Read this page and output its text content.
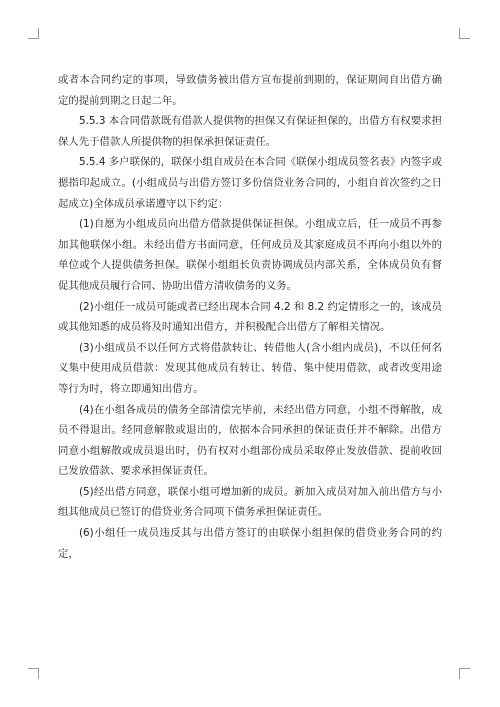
或者本合同约定的事项，导致债务被出借方宣布提前到期的，保证期间自出借方确定的提前到期之日起二年。

5.5.3 本合同借款既有借款人提供物的担保又有保证担保的，出借方有权要求担保人先于借款人所提供物的担保承担保证责任。

5.5.4 多户联保的，联保小组自成员在本合同《联保小组成员签名表》内签字或摁指印起成立。(小组成员与出借方签订多份信贷业务合同的，小组自首次签约之日起成立)全体成员承诺遵守以下约定：

(1)自愿为小组成员向出借方借款提供保证担保。小组成立后，任一成员不再参加其他联保小组。未经出借方书面同意，任何成员及其家庭成员不再向小组以外的单位或个人提供债务担保。联保小组组长负责协调成员内部关系，全体成员负有督促其他成员履行合同、协助出借方清收债务的义务。

(2)小组任一成员可能或者已经出现本合同 4.2 和 8.2 约定情形之一的，该成员或其他知悉的成员将及时通知出借方，并积极配合出借方了解相关情况。

(3)小组成员不以任何方式将借款转让、转借他人(含小组内成员)，不以任何名义集中使用成员借款：发现其他成员有转让、转借、集中使用借款，或者改变用途等行为时，将立即通知出借方。

(4)在小组各成员的债务全部清偿完毕前，未经出借方同意，小组不得解散，成员不得退出。经同意解散或退出的，依据本合同承担的保证责任并不解除。出借方同意小组解散或成员退出时，仍有权对小组部份成员采取停止发放借款、提前收回已发放借款、要求承担保证责任。

(5)经出借方同意，联保小组可增加新的成员。新加入成员对加入前出借方与小组其他成员已签订的借贷业务合同项下债务承担保证责任。

(6)小组任一成员违反其与出借方签订的由联保小组担保的借贷业务合同的约定，
